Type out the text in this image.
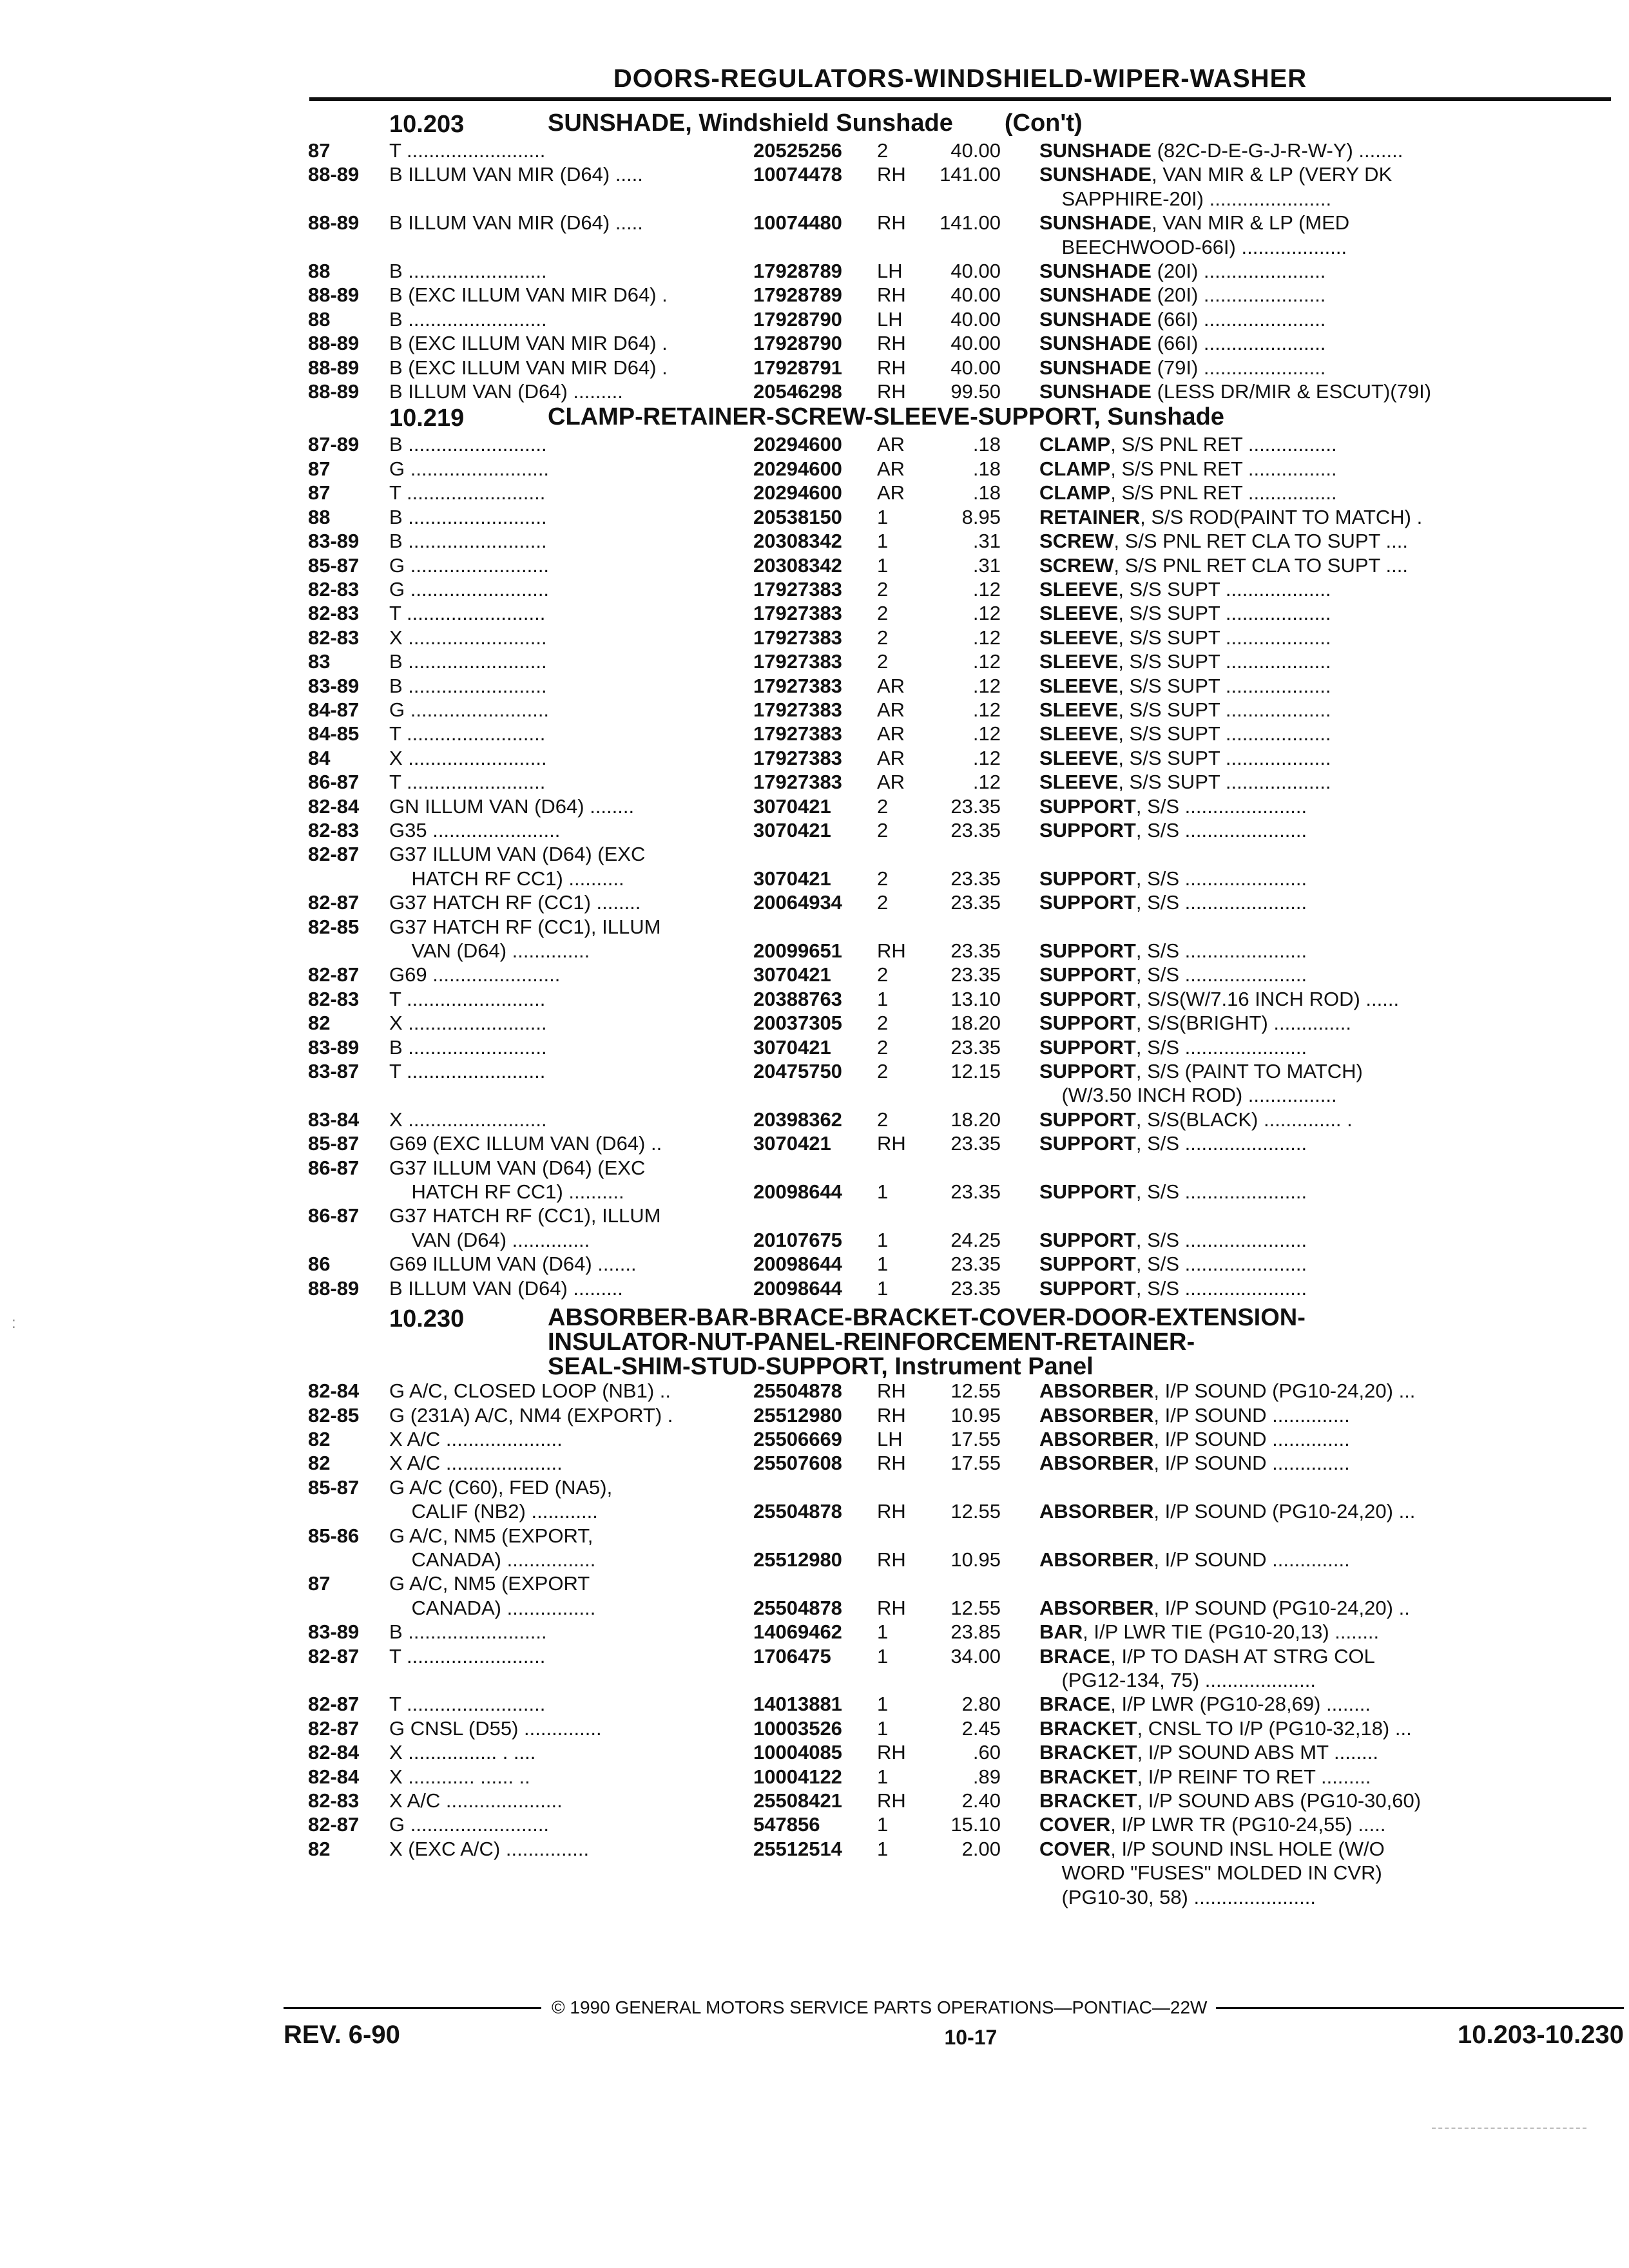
DOORS-REGULATORS-WINDSHIELD-WIPER-WASHER
10.203	SUNSHADE, Windshield Sunshade (Con't)
87	T .........................	20525256	2	40.00 SUNSHADE (82C-D-E-G-J-R-W-Y) ........
88-89	B ILLUM VAN MIR (D64) .....	10074478	RH	141.00 SUNSHADE, VAN MIR & LP (VERY DK
SAPPHIRE-20I) ......................
88-89	B ILLUM VAN MIR (D64) .....	10074480	RH	141.00 SUNSHADE, VAN MIR & LP (MED
BEECHWOOD-66I) ...................
88	B .........................	17928789	LH	40.00 SUNSHADE (20I) ......................
88-89	B (EXC ILLUM VAN MIR D64) .	17928789	RH	40.00 SUNSHADE (20I) ......................
88	B .........................	17928790	LH	40.00 SUNSHADE (66I) ......................
88-89	B (EXC ILLUM VAN MIR D64) .	17928790	RH	40.00 SUNSHADE (66I) ......................
88-89	B (EXC ILLUM VAN MIR D64) .	17928791	RH	40.00 SUNSHADE (79I) ......................
88-89	B ILLUM VAN (D64) .........	20546298	RH	99.50 SUNSHADE (LESS DR/MIR & ESCUT)(79I)
10.219	CLAMP-RETAINER-SCREW-SLEEVE-SUPPORT, Sunshade
87-89	B .........................	20294600	AR	.18 CLAMP, S/S PNL RET ................
87	G .........................	20294600	AR	.18 CLAMP, S/S PNL RET ................
87	T .........................	20294600	AR	.18 CLAMP, S/S PNL RET ................
88	B .........................	20538150	1	8.95 RETAINER, S/S ROD(PAINT TO MATCH) .
83-89	B .........................	20308342	1	.31 SCREW, S/S PNL RET CLA TO SUPT ....
85-87	G .........................	20308342	1	.31 SCREW, S/S PNL RET CLA TO SUPT ....
82-83	G .........................	17927383	2	.12 SLEEVE, S/S SUPT ...................
82-83	T .........................	17927383	2	.12 SLEEVE, S/S SUPT ...................
82-83	X .........................	17927383	2	.12 SLEEVE, S/S SUPT ...................
83	B .........................	17927383	2	.12 SLEEVE, S/S SUPT ...................
83-89	B .........................	17927383	AR	.12 SLEEVE, S/S SUPT ...................
84-87	G .........................	17927383	AR	.12 SLEEVE, S/S SUPT ...................
84-85	T .........................	17927383	AR	.12 SLEEVE, S/S SUPT ...................
84	X .........................	17927383	AR	.12 SLEEVE, S/S SUPT ...................
86-87	T .........................	17927383	AR	.12 SLEEVE, S/S SUPT ...................
82-84	GN ILLUM VAN (D64) ........	3070421	2	23.35 SUPPORT, S/S ......................
82-83	G35 .......................	3070421	2	23.35 SUPPORT, S/S ......................
82-87	G37 ILLUM VAN (D64) (EXC
HATCH RF CC1) ..........	3070421	2	23.35 SUPPORT, S/S ......................
82-87	G37 HATCH RF (CC1) ........	20064934	2	23.35 SUPPORT, S/S ......................
82-85	G37 HATCH RF (CC1), ILLUM
VAN (D64) ..............	20099651	RH	23.35 SUPPORT, S/S ......................
82-87	G69 .......................	3070421	2	23.35 SUPPORT, S/S ......................
82-83	T .........................	20388763	1	13.10 SUPPORT, S/S(W/7.16 INCH ROD) ......
82	X .........................	20037305	2	18.20 SUPPORT, S/S(BRIGHT) ..............
83-89	B .........................	3070421	2	23.35 SUPPORT, S/S ......................
83-87	T .........................	20475750	2	12.15 SUPPORT, S/S (PAINT TO MATCH)
(W/3.50 INCH ROD) ................
83-84	X .........................	20398362	2	18.20 SUPPORT, S/S(BLACK) .............. .
85-87	G69 (EXC ILLUM VAN (D64) ..	3070421	RH	23.35 SUPPORT, S/S ......................
86-87	G37 ILLUM VAN (D64) (EXC
HATCH RF CC1) ..........	20098644	1	23.35 SUPPORT, S/S ......................
86-87	G37 HATCH RF (CC1), ILLUM
VAN (D64) ..............	20107675	1	24.25 SUPPORT, S/S ......................
86	G69 ILLUM VAN (D64) .......	20098644	1	23.35 SUPPORT, S/S ......................
88-89	B ILLUM VAN (D64) .........	20098644	1	23.35 SUPPORT, S/S ......................
10.230	ABSORBER-BAR-BRACE-BRACKET-COVER-DOOR-EXTENSION-
INSULATOR-NUT-PANEL-REINFORCEMENT-RETAINER-
SEAL-SHIM-STUD-SUPPORT, Instrument Panel
82-84	G A/C, CLOSED LOOP (NB1) ..	25504878	RH	12.55 ABSORBER, I/P SOUND (PG10-24,20) ...
82-85	G (231A) A/C, NM4 (EXPORT) .	25512980	RH	10.95 ABSORBER, I/P SOUND ..............
82	X A/C .....................	25506669	LH	17.55 ABSORBER, I/P SOUND ..............
82	X A/C .....................	25507608	RH	17.55 ABSORBER, I/P SOUND ..............
85-87	G A/C (C60), FED (NA5),
CALIF (NB2) ............	25504878	RH	12.55 ABSORBER, I/P SOUND (PG10-24,20) ...
85-86	G A/C, NM5 (EXPORT,
CANADA) ................	25512980	RH	10.95 ABSORBER, I/P SOUND ..............
87	G A/C, NM5 (EXPORT
CANADA) ................	25504878	RH	12.55 ABSORBER, I/P SOUND (PG10-24,20) ..
83-89	B .........................	14069462	1	23.85 BAR, I/P LWR TIE (PG10-20,13) ........
82-87	T .........................	1706475	1	34.00 BRACE, I/P TO DASH AT STRG COL
(PG12-134, 75) ....................
82-87	T .........................	14013881	1	2.80 BRACE, I/P LWR (PG10-28,69) ........
82-87	G CNSL (D55) ..............	10003526	1	2.45 BRACKET, CNSL TO I/P (PG10-32,18) ...
82-84	X ................ . ....	10004085	RH	.60 BRACKET, I/P SOUND ABS MT ........
82-84	X ............ ...... ..	10004122	1	.89 BRACKET, I/P REINF TO RET .........
82-83	X A/C .....................	25508421	RH	2.40 BRACKET, I/P SOUND ABS (PG10-30,60)
82-87	G .........................	547856	1	15.10 COVER, I/P LWR TR (PG10-24,55) .....
82	X (EXC A/C) ...............	25512514	1	2.00 COVER, I/P SOUND INSL HOLE (W/O
WORD "FUSES" MOLDED IN CVR)
(PG10-30, 58) ......................
© 1990 GENERAL MOTORS SERVICE PARTS OPERATIONS—PONTIAC—22W
REV. 6-90	10-17	10.203-10.230
:
